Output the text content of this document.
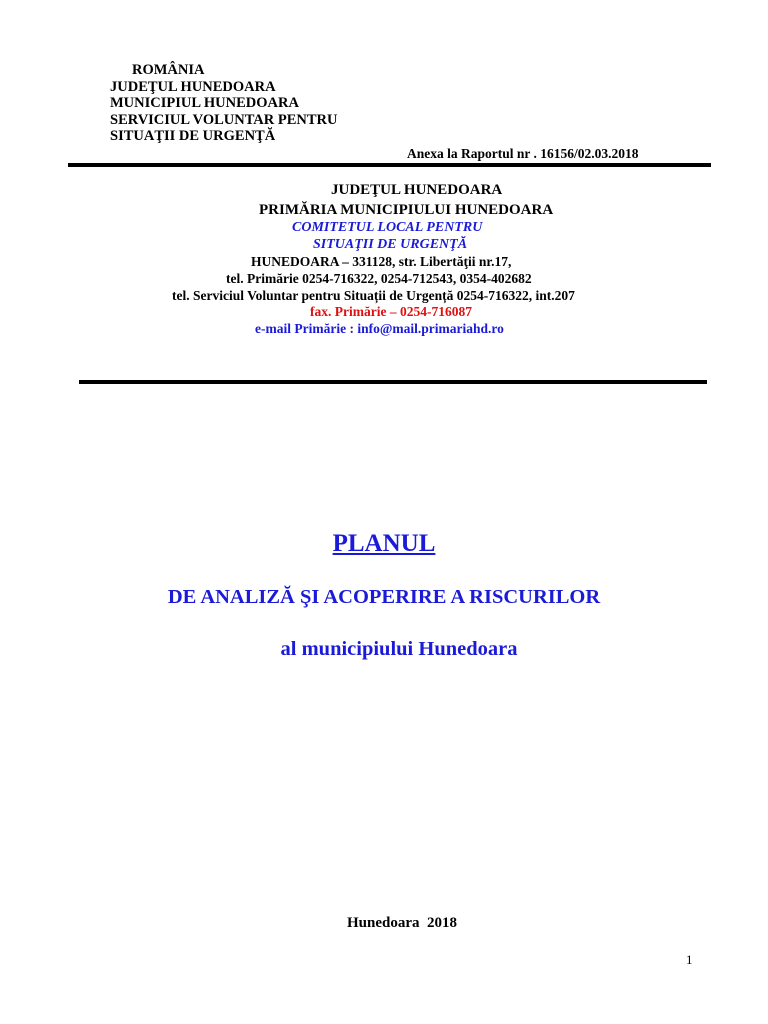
ROMÂNIA
JUDEŢUL HUNEDOARA
MUNICIPIUL HUNEDOARA
SERVICIUL VOLUNTAR PENTRU
SITUAŢII DE URGENŢĂ
Anexa la Raportul nr . 16156/02.03.2018
JUDEŢUL HUNEDOARA
PRIMĂRIA MUNICIPIULUI HUNEDOARA
COMITETUL LOCAL PENTRU
SITUAŢII DE URGENŢĂ
HUNEDOARA – 331128, str. Libertăţii nr.17,
tel. Primărie 0254-716322, 0254-712543, 0354-402682
tel. Serviciul Voluntar pentru Situații de Urgență 0254-716322, int.207
fax. Primărie – 0254-716087
e-mail Primărie : info@mail.primariahd.ro
PLANUL
DE ANALIZĂ ŞI ACOPERIRE A RISCURILOR
al municipiului Hunedoara
Hunedoara  2018
1
